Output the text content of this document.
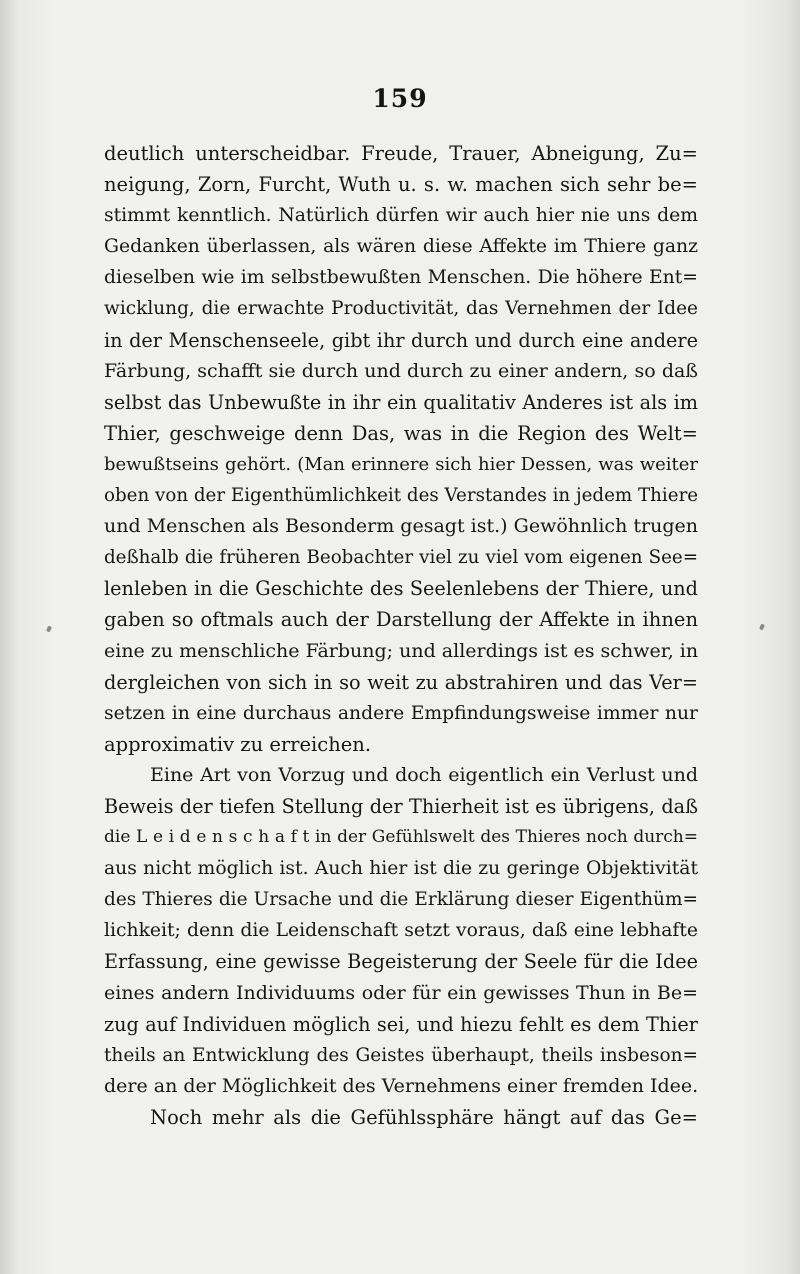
159
deutlich unterscheidbar. Freude, Trauer, Abneigung, Zu=
neigung, Zorn, Furcht, Wuth u. s. w. machen sich sehr be=
stimmt kenntlich. Natürlich dürfen wir auch hier nie uns dem
Gedanken überlassen, als wären diese Affekte im Thiere ganz
dieselben wie im selbstbewußten Menschen. Die höhere Ent=
wicklung, die erwachte Productivität, das Vernehmen der Idee
in der Menschenseele, gibt ihr durch und durch eine andere
Färbung, schafft sie durch und durch zu einer andern, so daß
selbst das Unbewußte in ihr ein qualitativ Anderes ist als im
Thier, geschweige denn Das, was in die Region des Welt=
bewußtseins gehört. (Man erinnere sich hier Dessen, was weiter
oben von der Eigenthümlichkeit des Verstandes in jedem Thiere
und Menschen als Besonderm gesagt ist.) Gewöhnlich trugen
deßhalb die früheren Beobachter viel zu viel vom eigenen See=
lenleben in die Geschichte des Seelenlebens der Thiere, und
gaben so oftmals auch der Darstellung der Affekte in ihnen
eine zu menschliche Färbung; und allerdings ist es schwer, in
dergleichen von sich in so weit zu abstrahiren und das Ver=
setzen in eine durchaus andere Empfindungsweise immer nur
approximativ zu erreichen.
Eine Art von Vorzug und doch eigentlich ein Verlust und
Beweis der tiefen Stellung der Thierheit ist es übrigens, daß
die L e i d e n s c h a f t in der Gefühlswelt des Thieres noch durch=
aus nicht möglich ist. Auch hier ist die zu geringe Objektivität
des Thieres die Ursache und die Erklärung dieser Eigenthüm=
lichkeit; denn die Leidenschaft setzt voraus, daß eine lebhafte
Erfassung, eine gewisse Begeisterung der Seele für die Idee
eines andern Individuums oder für ein gewisses Thun in Be=
zug auf Individuen möglich sei, und hiezu fehlt es dem Thier
theils an Entwicklung des Geistes überhaupt, theils insbeson=
dere an der Möglichkeit des Vernehmens einer fremden Idee.
Noch mehr als die Gefühlssphäre hängt auf das Ge=
